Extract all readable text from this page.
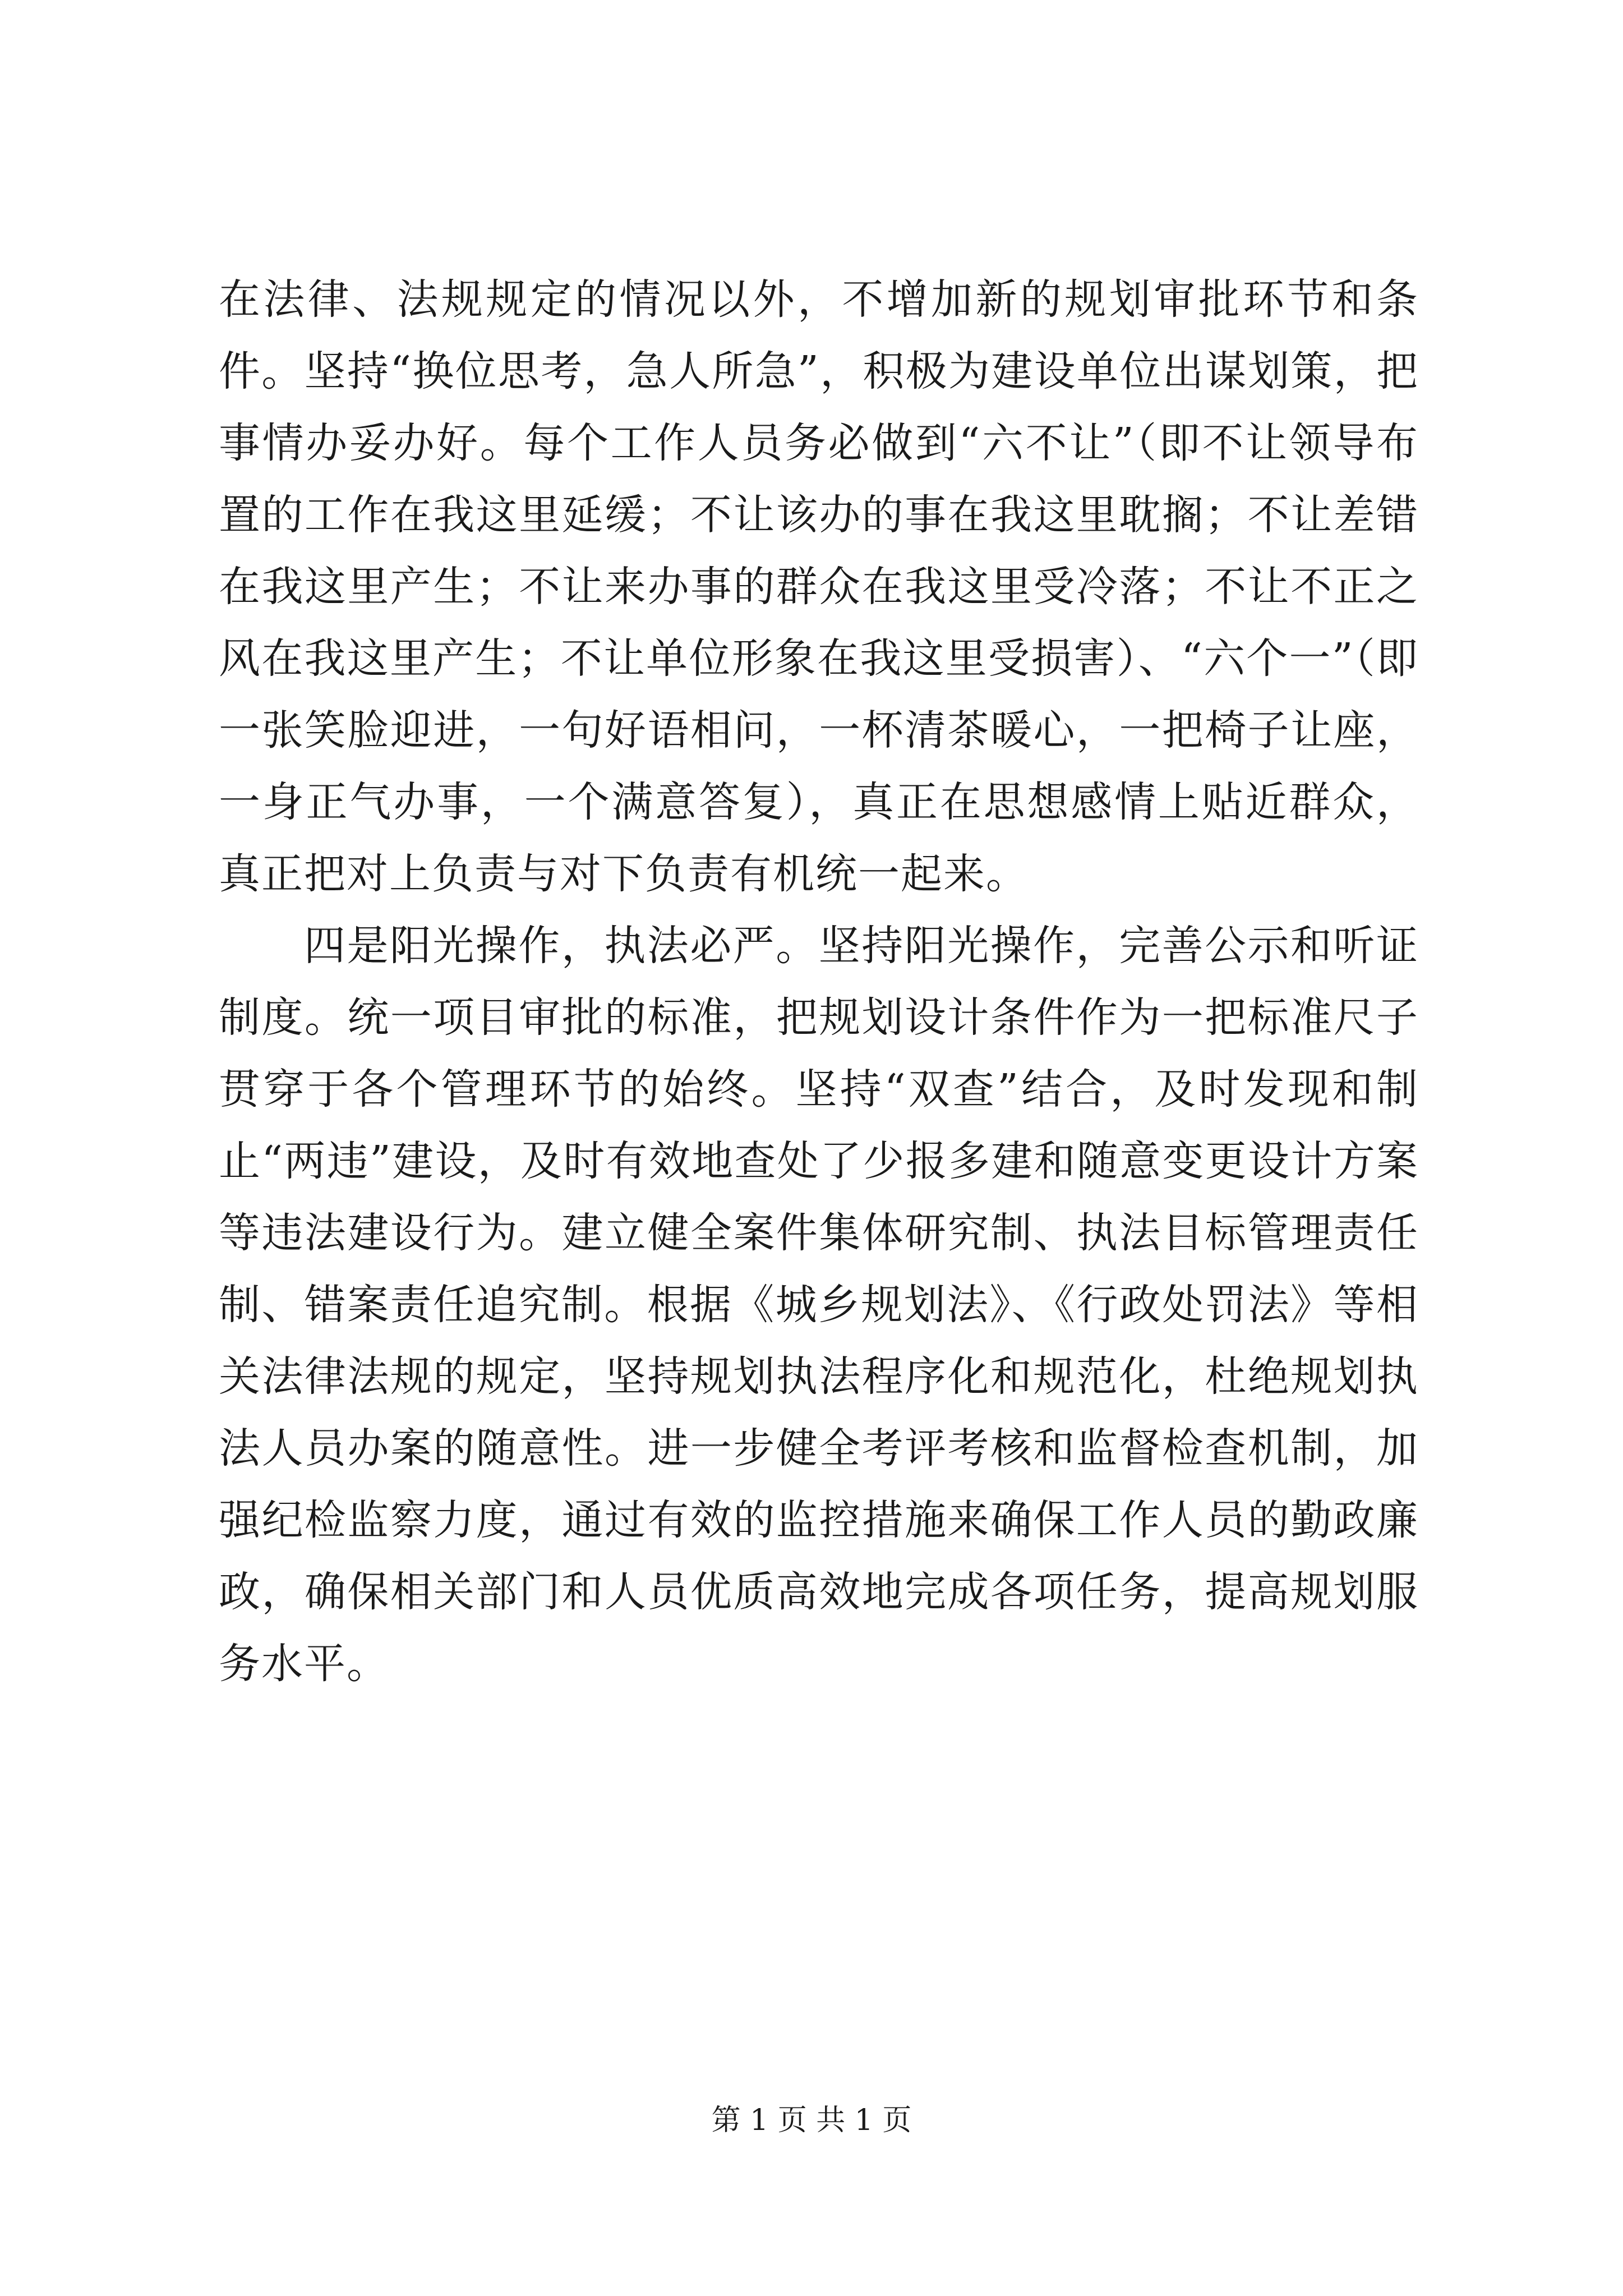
在法律、法规规定的情况以外，不增加新的规划审批环节和条件。坚持“换位思考，急人所急”，积极为建设单位出谋划策，把事情办妥办好。每个工作人员务必做到“六不让”（即不让领导布置的工作在我这里延缓；不让该办的事在我这里耽搁；不让差错在我这里产生；不让来办事的群众在我这里受冷落；不让不正之风在我这里产生；不让单位形象在我这里受损害）、“六个一”（即一张笑脸迎进，一句好语相问，一杯清茶暖心，一把椅子让座，一身正气办事，一个满意答复），真正在思想感情上贴近群众，真正把对上负责与对下负责有机统一起来。

四是阳光操作，执法必严。坚持阳光操作，完善公示和听证制度。统一项目审批的标准，把规划设计条件作为一把标准尺子贯穿于各个管理环节的始终。坚持“双查”结合，及时发现和制止“两违”建设，及时有效地查处了少报多建和随意变更设计方案等违法建设行为。建立健全案件集体研究制、执法目标管理责任制、错案责任追究制。根据《城乡规划法》、《行政处罚法》等相关法律法规的规定，坚持规划执法程序化和规范化，杜绝规划执法人员办案的随意性。进一步健全考评考核和监督检查机制，加强纪检监察力度，通过有效的监控措施来确保工作人员的勤政廉政，确保相关部门和人员优质高效地完成各项任务，提高规划服务水平。

第 1 页 共 1 页
